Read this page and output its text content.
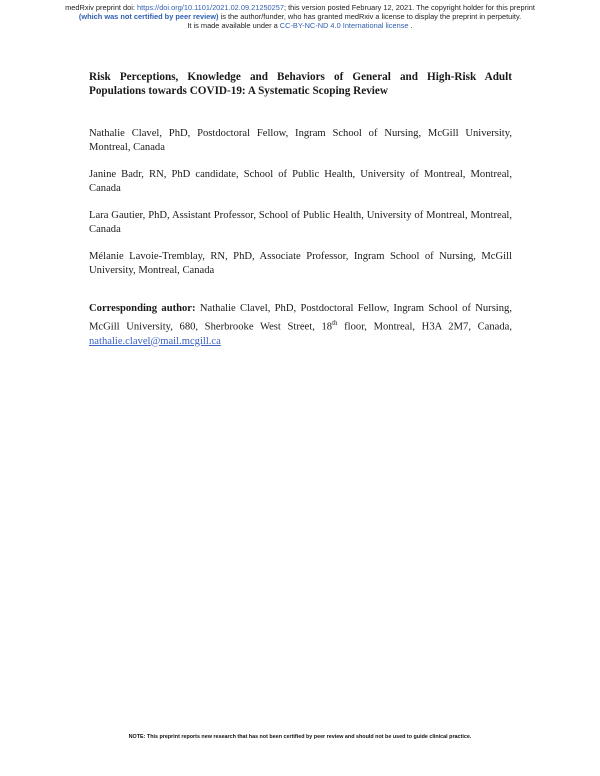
medRxiv preprint doi: https://doi.org/10.1101/2021.02.09.21250257; this version posted February 12, 2021. The copyright holder for this preprint
(which was not certified by peer review) is the author/funder, who has granted medRxiv a license to display the preprint in perpetuity.
It is made available under a CC-BY-NC-ND 4.0 International license .

Risk Perceptions, Knowledge and Behaviors of General and High-Risk Adult Populations towards COVID-19: A Systematic Scoping Review

Nathalie Clavel, PhD, Postdoctoral Fellow, Ingram School of Nursing, McGill University, Montreal, Canada

Janine Badr, RN, PhD candidate, School of Public Health, University of Montreal, Montreal, Canada

Lara Gautier, PhD, Assistant Professor, School of Public Health, University of Montreal, Montreal, Canada

Mélanie Lavoie-Tremblay, RN, PhD, Associate Professor, Ingram School of Nursing, McGill University, Montreal, Canada

Corresponding author: Nathalie Clavel, PhD, Postdoctoral Fellow, Ingram School of Nursing, McGill University, 680, Sherbrooke West Street, 18th floor, Montreal, H3A 2M7, Canada, nathalie.clavel@mail.mcgill.ca

NOTE: This preprint reports new research that has not been certified by peer review and should not be used to guide clinical practice.
